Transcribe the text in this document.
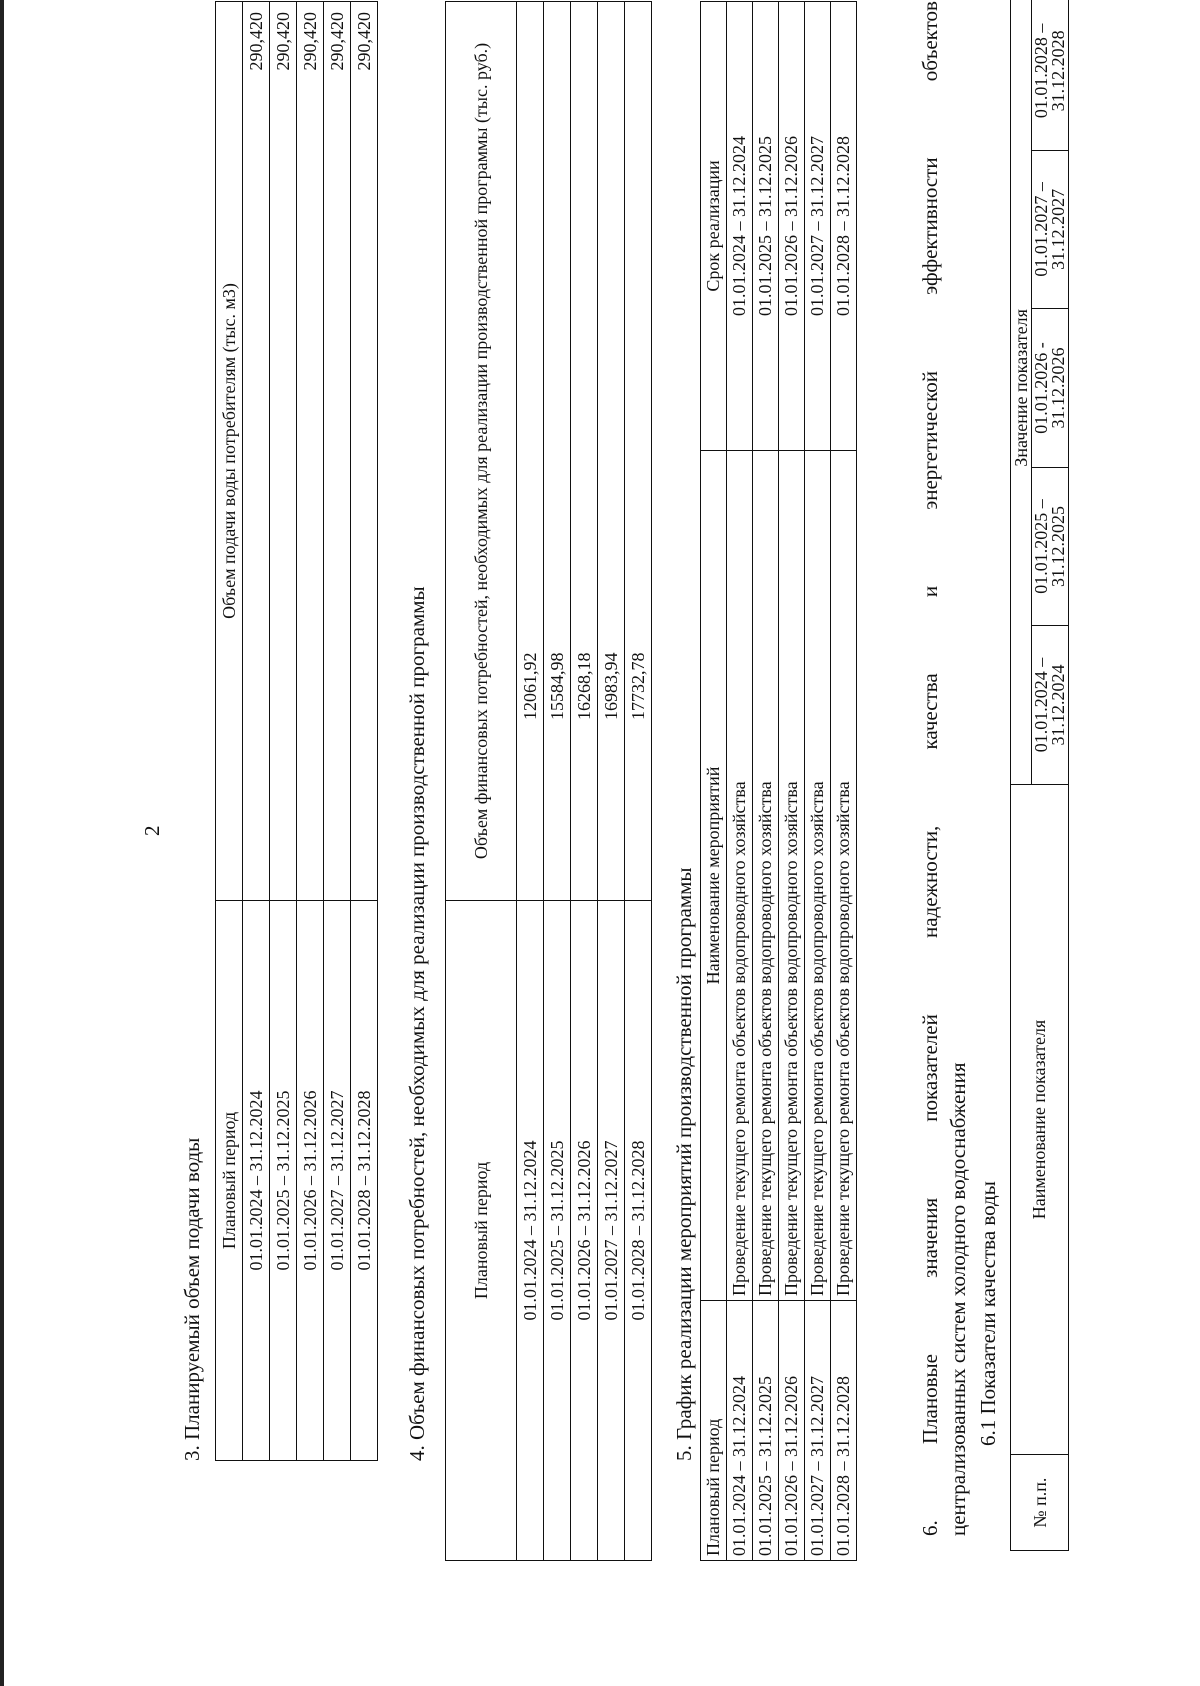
2
3. Планируемый объем подачи воды Плановый период	Объем подачи воды потребителям (тыс. м3)
01.01.2024 – 31.12.2024	290,420
01.01.2025 – 31.12.2025	290,420
01.01.2026 – 31.12.2026	290,420
01.01.2027 – 31.12.2027	290,420
01.01.2028 – 31.12.2028	290,420
4. Объем финансовых потребностей, необходимых для реализации производственной программы Плановый период	Объем финансовых потребностей, необходимых для реализации производственной программы (тыс. руб.)
01.01.2024 – 31.12.2024	12061,92
01.01.2025 – 31.12.2025	15584,98
01.01.2026 – 31.12.2026	16268,18
01.01.2027 – 31.12.2027	16983,94
01.01.2028 – 31.12.2028	17732,78
5. График реализации мероприятий производственной программы
Плановый период	Наименование мероприятий	Срок реализации
01.01.2024 – 31.12.2024	Проведение текущего ремонта объектов водопроводного хозяйства	01.01.2024 – 31.12.2024
01.01.2025 – 31.12.2025	Проведение текущего ремонта объектов водопроводного хозяйства	01.01.2025 – 31.12.2025
01.01.2026 – 31.12.2026	Проведение текущего ремонта объектов водопроводного хозяйства	01.01.2026 – 31.12.2026
01.01.2027 – 31.12.2027	Проведение текущего ремонта объектов водопроводного хозяйства	01.01.2027 – 31.12.2027
01.01.2028 – 31.12.2028	Проведение текущего ремонта объектов водопроводного хозяйства	01.01.2028 – 31.12.2028
6.
Плановые
значения
показателей
надежности,
качества
и
энергетической
эффективности
объектов
централизованных систем холодного водоснабжения 6.1 Показатели качества воды
№ п.п.	Наименование показателя	Значение показателя				
		01.01.2024 – 31.12.2024	01.01.2025 – 31.12.2025	01.01.2026 - 31.12.2026	01.01.2027 – 31.12.2027	01.01.2028 – 31.12.2028
